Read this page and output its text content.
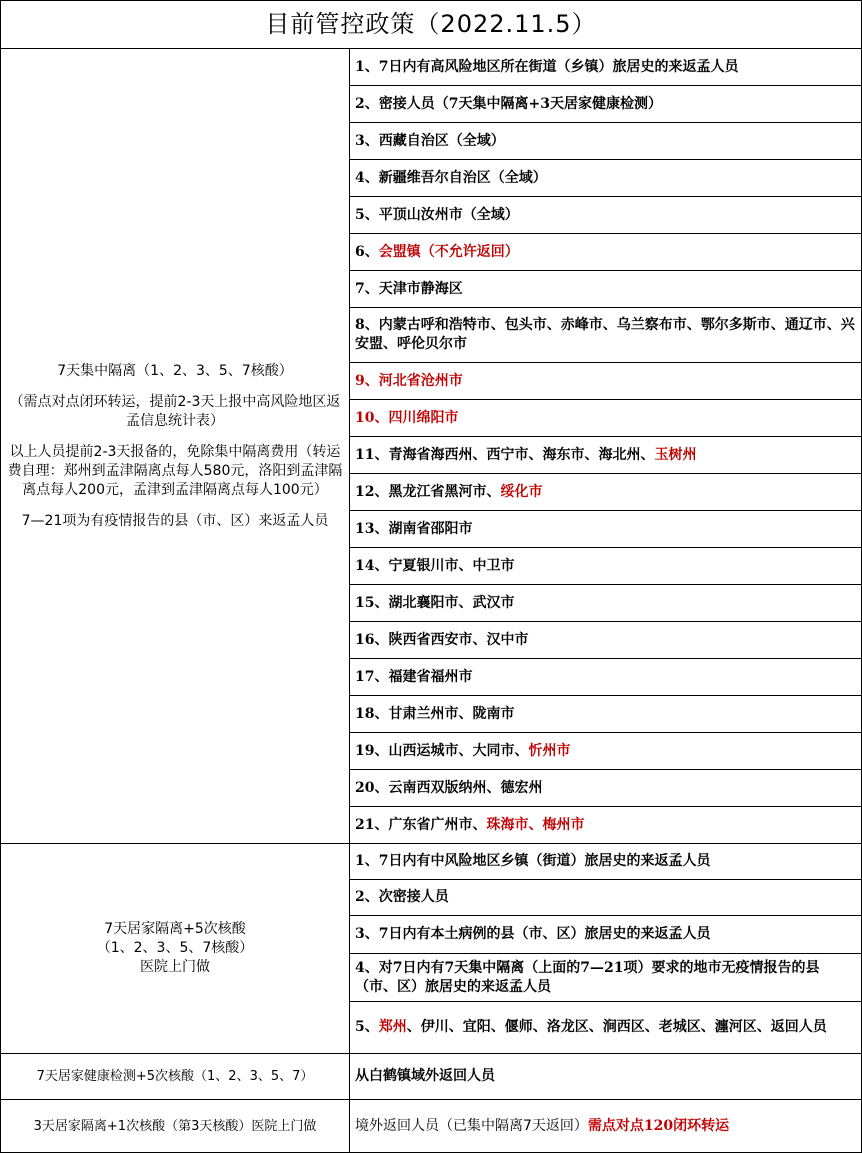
目前管控政策（2022.11.5）	

7天集中隔离（1、2、3、5、7核酸）

（需点对点闭环转运，提前2-3天上报中高风险地区返孟信息统计表）

以上人员提前2-3天报备的，免除集中隔离费用（转运费自理：郑州到孟津隔离点每人580元，洛阳到孟津隔离点每人200元，孟津到孟津隔离点每人100元）

7—21项为有疫情报告的县（市、区）来返孟人员	1、7日内有高风险地区所在街道（乡镇）旅居史的来返孟人员
	2、密接人员（7天集中隔离+3天居家健康检测）
	3、西藏自治区（全域）
	4、新疆维吾尔自治区（全域）
	5、平顶山汝州市（全域）
	6、会盟镇（不允许返回）
	7、天津市静海区
	8、内蒙古呼和浩特市、包头市、赤峰市、乌兰察布市、鄂尔多斯市、通辽市、兴安盟、呼伦贝尔市
	9、河北省沧州市
	10、四川绵阳市
	11、青海省海西州、西宁市、海东市、海北州、玉树州
	12、黑龙江省黑河市、绥化市
	13、湖南省邵阳市
	14、宁夏银川市、中卫市
	15、湖北襄阳市、武汉市
	16、陕西省西安市、汉中市
	17、福建省福州市
	18、甘肃兰州市、陇南市
	19、山西运城市、大同市、忻州市
	20、云南西双版纳州、德宏州
	21、广东省广州市、珠海市、梅州市

7天居家隔离+5次核酸

（1、2、3、5、7核酸）

医院上门做	1、7日内有中风险地区乡镇（街道）旅居史的来返孟人员
	2、次密接人员
	3、7日内有本土病例的县（市、区）旅居史的来返孟人员
	4、对7日内有7天集中隔离（上面的7—21项）要求的地市无疫情报告的县（市、区）旅居史的来返孟人员
	5、郑州、伊川、宜阳、偃师、洛龙区、涧西区、老城区、瀍河区、返回人员
7天居家健康检测+5次核酸（1、2、3、5、7）	从白鹤镇域外返回人员
3天居家隔离+1次核酸（第3天核酸）医院上门做	境外返回人员（已集中隔离7天返回）需点对点120闭环转运
